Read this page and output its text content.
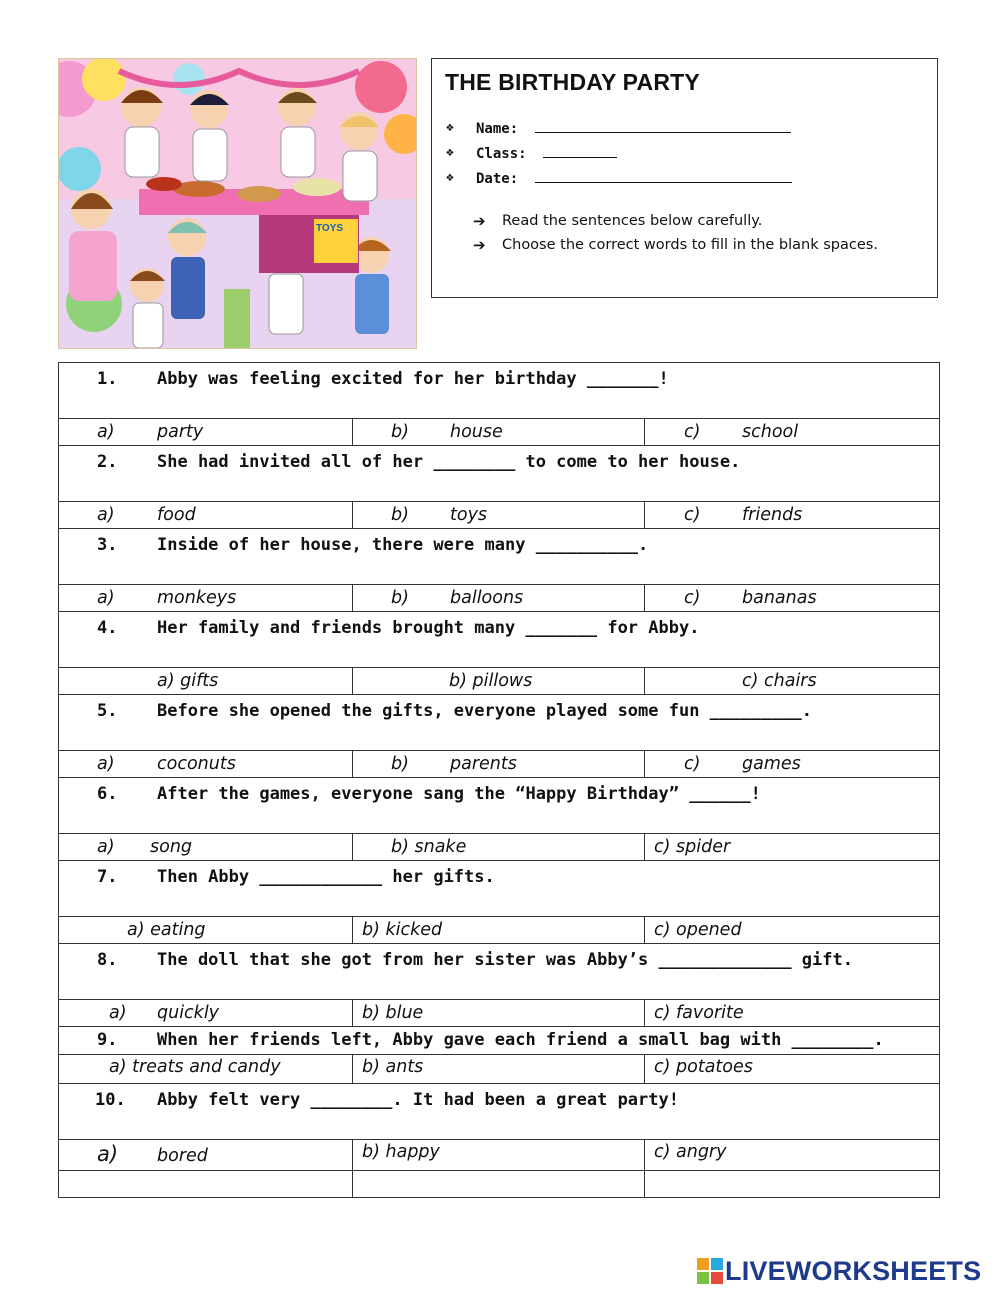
TOYS
THE BIRTHDAY PARTY
❖ Name:
❖ Class:
❖ Date:
➔ Read the sentences below carefully.
➔ Choose the correct words to fill in the blank spaces.
1. Abby was feeling excited for her birthday _______!		

a) party	b) house	c) school

2. She had invited all of her ________ to come to her house.		

a) food	b) toys	c) friends

3. Inside of her house, there were many __________.		

a) monkeys	b) balloons	c) bananas

4. Her family and friends brought many _______ for Abby.		

a) gifts	b) pillows	c) chairs

5. Before she opened the gifts, everyone played some fun _________.		

a) coconuts	b) parents	c) games

6. After the games, everyone sang the “Happy Birthday” ______!		

a) song	b) snake	c) spider

7. Then Abby ____________ her gifts.		

a) eating	b) kicked	c) opened

8. The doll that she got from her sister was Abby’s _____________ gift.		

a) quickly	b) blue	c) favorite

9. When her friends left, Abby gave each friend a small bag with ________.		

a) treats and candy	b) ants	c) potatoes

10. Abby felt very ________. It had been a great party!		

a) bored	b) happy	c) angry

LIVEWORKSHEETS
